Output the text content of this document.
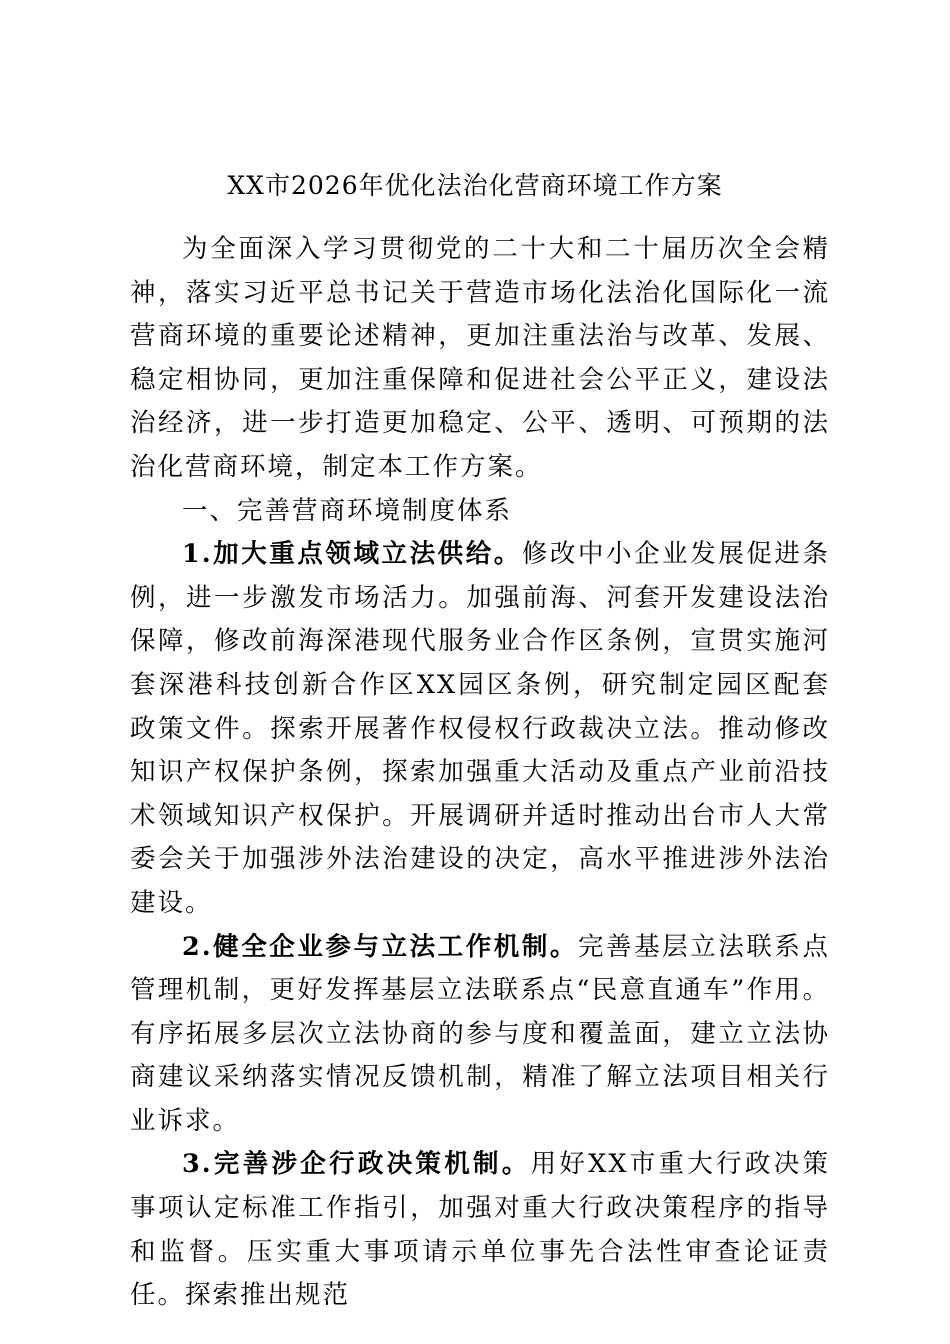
XX市2026年优化法治化营商环境工作方案

为全面深入学习贯彻党的二十大和二十届历次全会精神，落实习近平总书记关于营造市场化法治化国际化一流营商环境的重要论述精神，更加注重法治与改革、发展、稳定相协同，更加注重保障和促进社会公平正义，建设法治经济，进一步打造更加稳定、公平、透明、可预期的法治化营商环境，制定本工作方案。

一、完善营商环境制度体系

1.加大重点领域立法供给。修改中小企业发展促进条例，进一步激发市场活力。加强前海、河套开发建设法治保障，修改前海深港现代服务业合作区条例，宣贯实施河套深港科技创新合作区XX园区条例，研究制定园区配套政策文件。探索开展著作权侵权行政裁决立法。推动修改知识产权保护条例，探索加强重大活动及重点产业前沿技术领域知识产权保护。开展调研并适时推动出台市人大常委会关于加强涉外法治建设的决定，高水平推进涉外法治建设。

2.健全企业参与立法工作机制。完善基层立法联系点管理机制，更好发挥基层立法联系点“民意直通车”作用。有序拓展多层次立法协商的参与度和覆盖面，建立立法协商建议采纳落实情况反馈机制，精准了解立法项目相关行业诉求。

3.完善涉企行政决策机制。用好XX市重大行政决策事项认定标准工作指引，加强对重大行政决策程序的指导和监督。压实重大事项请示单位事先合法性审查论证责任。探索推出规范
